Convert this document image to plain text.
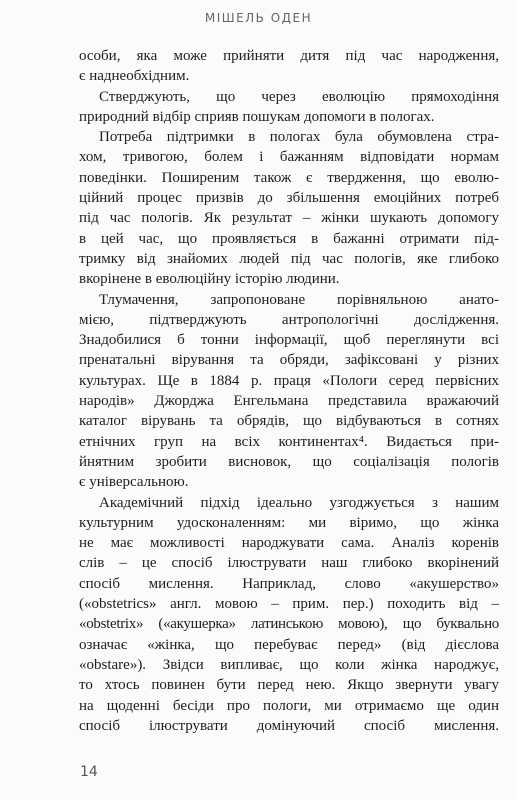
МІШЕЛЬ ОДЕН
особи, яка може прийняти дитя під час народження,
є наднеобхідним.
Стверджують, що через еволюцію прямоходіння
природний відбір сприяв пошукам допомоги в пологах.
Потреба підтримки в пологах була обумовлена стра-
хом, тривогою, болем і бажанням відповідати нормам
поведінки. Поширеним також є твердження, що еволю-
ційний процес призвів до збільшення емоційних потреб
під час пологів. Як результат – жінки шукають допомогу
в цей час, що проявляється в бажанні отримати під-
тримку від знайомих людей під час пологів, яке глибоко
вкорінене в еволюційну історію людини.
Тлумачення, запропоноване порівняльною анато-
мією, підтверджують антропологічні дослідження.
Знадобилися б тонни інформації, щоб переглянути всі
пренатальні вірування та обряди, зафіксовані у різних
культурах. Ще в 1884 р. праця «Пологи серед первісних
народів» Джорджа Енгельмана представила вражаючий
каталог вірувань та обрядів, що відбуваються в сотнях
етнічних груп на всіх континентах⁴. Видається при-
йнятним зробити висновок, що соціалізація пологів
є універсальною.
Академічний підхід ідеально узгоджується з нашим
культурним удосконаленням: ми віримо, що жінка
не має можливості народжувати сама. Аналіз коренів
слів – це спосіб ілюструвати наш глибоко вкорінений
спосіб мислення. Наприклад, слово «акушерство»
(«obstetrics» англ. мовою – прим. пер.) походить від –
«obstetrix» («акушерка» латинською мовою), що буквально
означає «жінка, що перебуває перед» (від дієслова
«obstare»). Звідси випливає, що коли жінка народжує,
то хтось повинен бути перед нею. Якщо звернути увагу
на щоденні бесіди про пологи, ми отримаємо ще один
спосіб ілюструвати домінуючий спосіб мислення.
14
